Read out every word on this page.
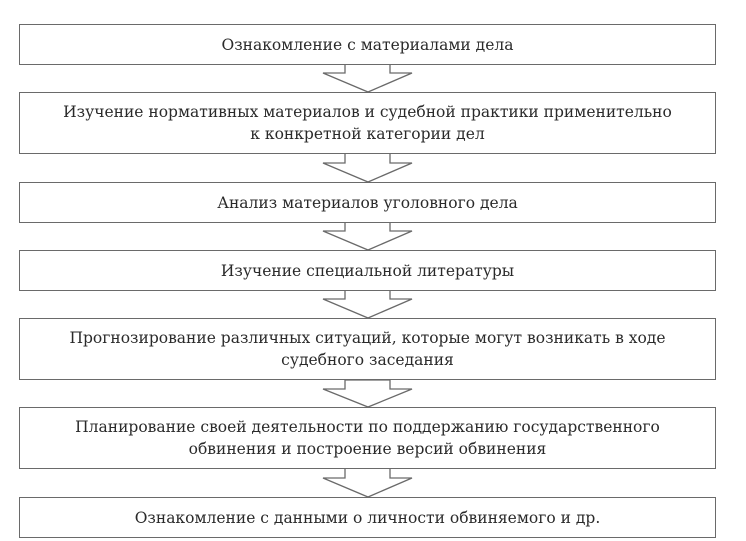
Ознакомление с материалами дела
Изучение нормативных материалов и судебной практики применительно
к конкретной категории дел
Анализ материалов уголовного дела
Изучение специальной литературы
Прогнозирование различных ситуаций, которые могут возникать в ходе
судебного заседания
Планирование своей деятельности по поддержанию государственного
обвинения и построение версий обвинения
Ознакомление с данными о личности обвиняемого и др.
